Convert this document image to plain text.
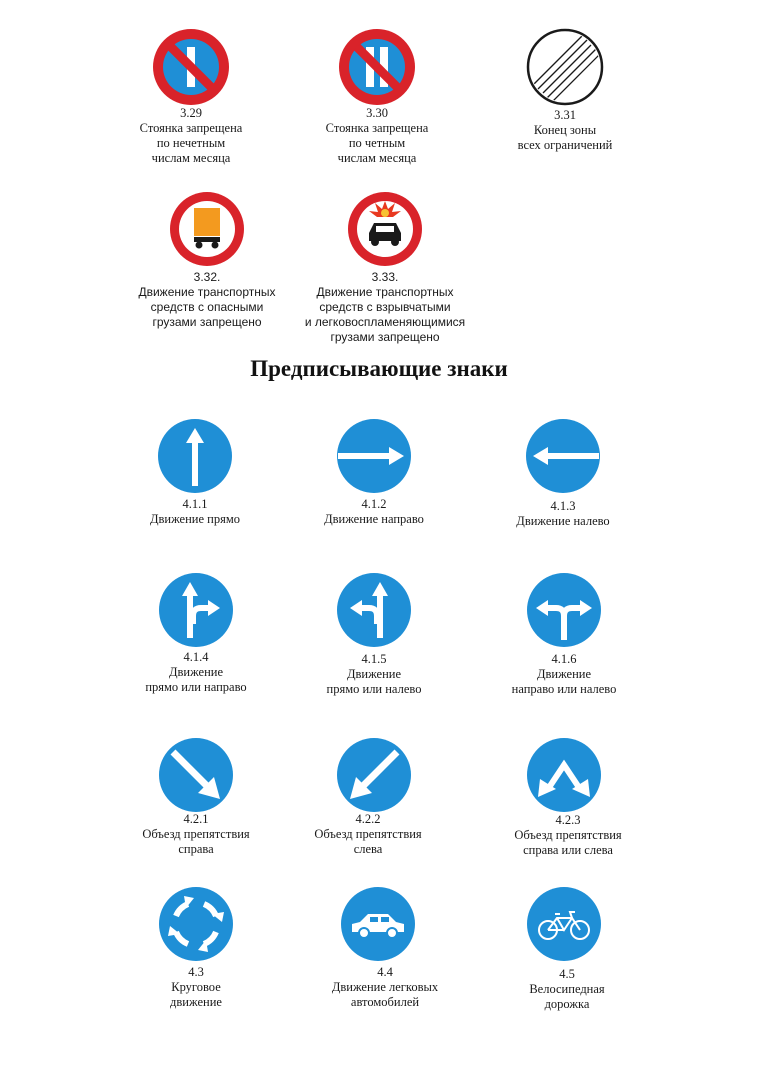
3.29
Стоянка запрещена
по нечетным
числам месяца
3.30
Стоянка запрещена
по четным
числам месяца
3.31
Конец зоны
всех ограничений
3.32.
Движение транспортных
средств с опасными
грузами запрещено
3.33.
Движение транспортных
средств с взрывчатыми
и легковоспламеняющимися
грузами запрещено
Предписывающие знаки
4.1.1
Движение прямо
4.1.2
Движение направо
4.1.3
Движение налево
4.1.4
Движение
прямо или направо
4.1.5
Движение
прямо или налево
4.1.6
Движение
направо или налево
4.2.1
Объезд препятствия
справа
4.2.2
Объезд препятствия
слева
4.2.3
Объезд препятствия
справа или слева
4.3
Круговое
движение
4.4
Движение легковых
автомобилей
4.5
Велосипедная
дорожка
